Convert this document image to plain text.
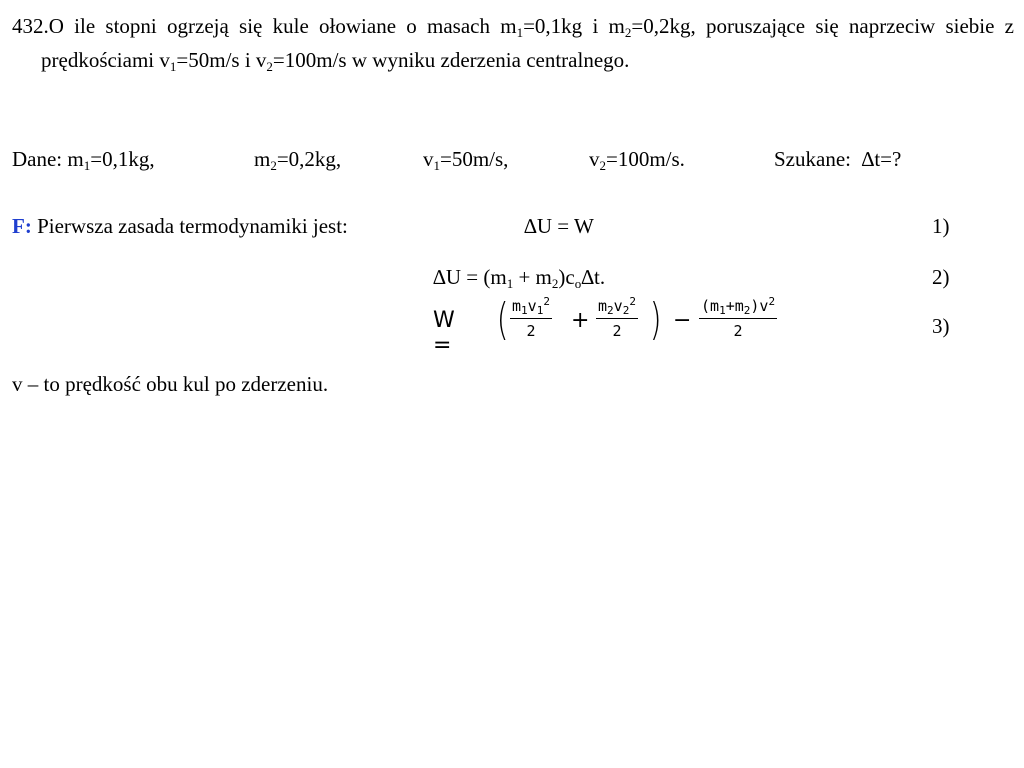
432.O ile stopni ogrzeją się kule ołowiane o masach $m_1=0,1kg$ i $m_2=0,2kg$, poruszające się naprzeciw siebie z prędkościami $v_1=50m/s$ i $v_2=100m/s$ w wyniku zderzenia centralnego.
Dane: $m_1=0,1kg$,	$m_2=0,2kg$,	$v_1=50m/s$,	$v_2=100m/s$.	Szukane: ∆t=?
F: Pierwsza zasada termodynamiki jest:	∆U = W	1)
$\Delta U = (m_1 + m_2)c_o\Delta t$.	2)
W =
( $m_1v_1^2$
2	+
$m_2v_2^2$
2 ) −
$(m_1+m_2)v^2$
2	3)
v – to prędkość obu kul po zderzeniu.
